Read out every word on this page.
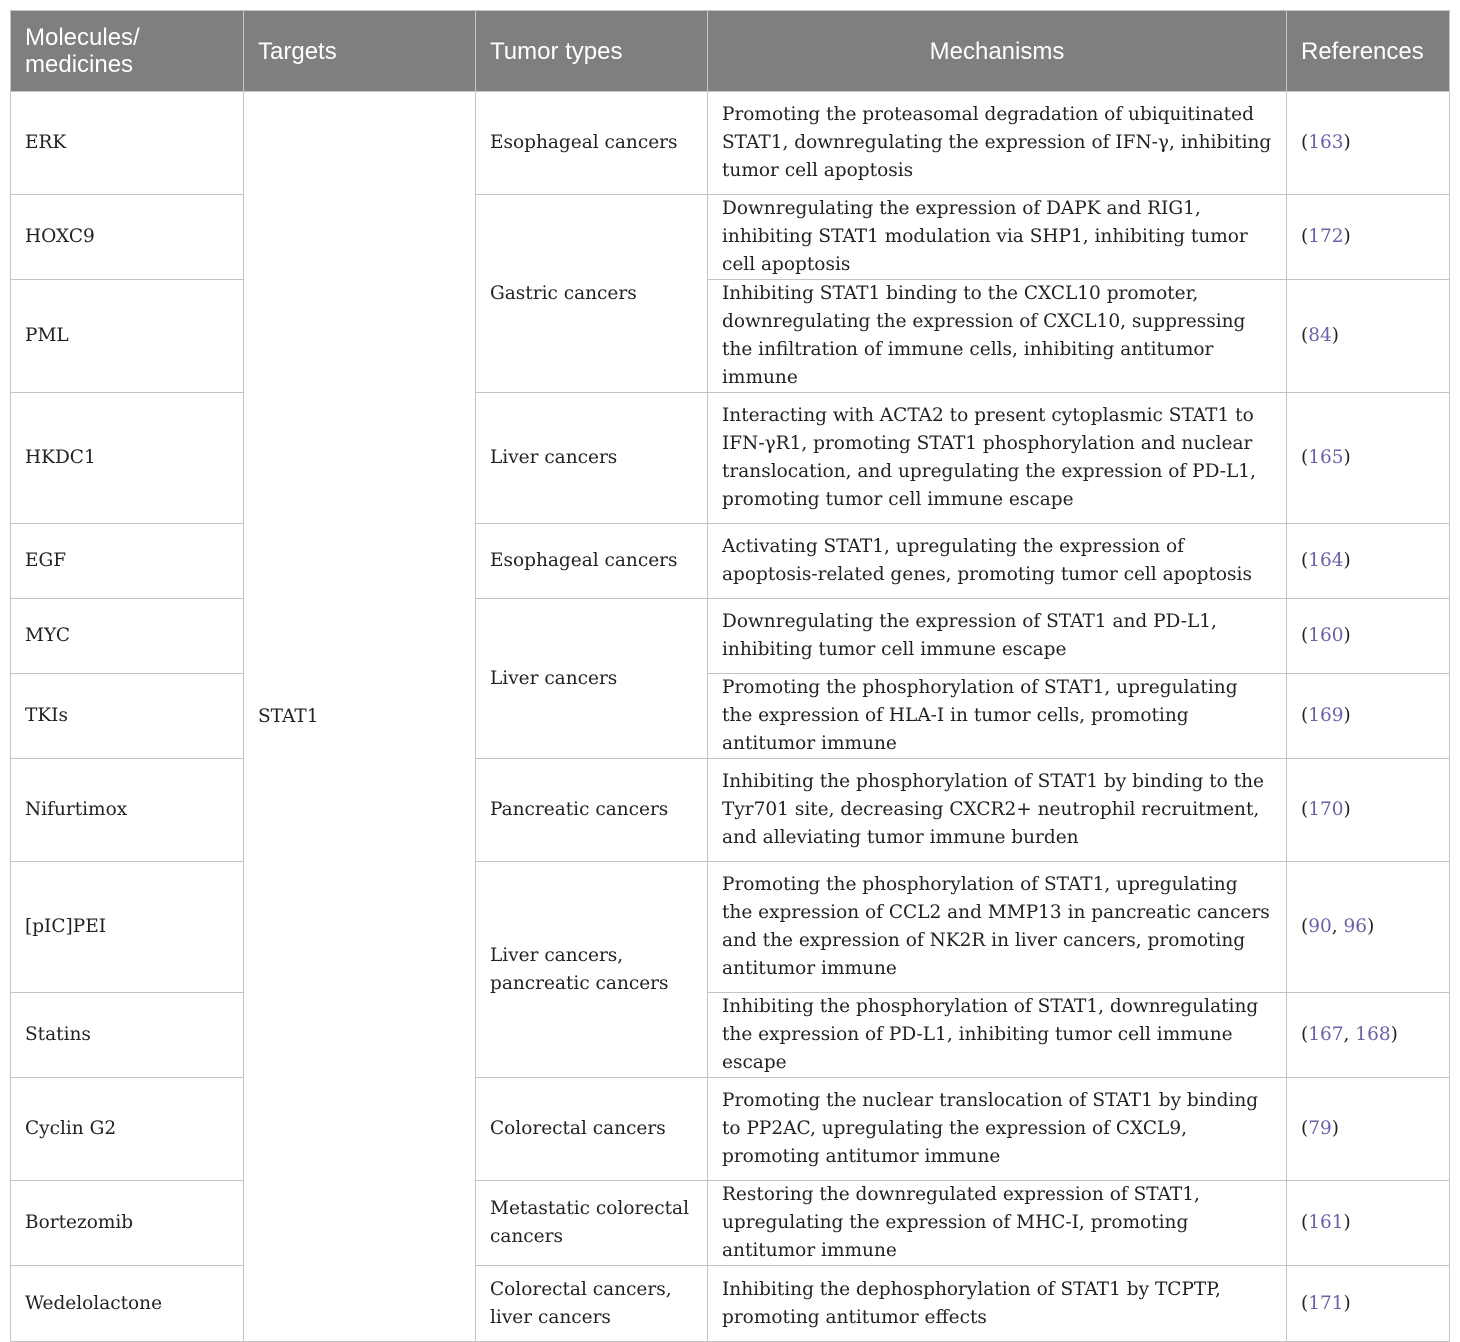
Molecules/
medicines	Targets	Tumor types	Mechanisms	References
ERK	STAT1	Esophageal cancers	Promoting the proteasomal degradation of ubiquitinated STAT1, downregulating the expression of IFN-γ, inhibiting tumor cell apoptosis	(163)
HOXC9		Gastric cancers	Downregulating the expression of DAPK and RIG1, inhibiting STAT1 modulation via SHP1, inhibiting tumor cell apoptosis	(172)
PML			Inhibiting STAT1 binding to the CXCL10 promoter, downregulating the expression of CXCL10, suppressing the infiltration of immune cells, inhibiting antitumor immune	(84)
HKDC1		Liver cancers	Interacting with ACTA2 to present cytoplasmic STAT1 to IFN-γR1, promoting STAT1 phosphorylation and nuclear translocation, and upregulating the expression of PD-L1, promoting tumor cell immune escape	(165)
EGF		Esophageal cancers	Activating STAT1, upregulating the expression of apoptosis-related genes, promoting tumor cell apoptosis	(164)
MYC		Liver cancers	Downregulating the expression of STAT1 and PD-L1, inhibiting tumor cell immune escape	(160)
TKIs			Promoting the phosphorylation of STAT1, upregulating the expression of HLA-I in tumor cells, promoting antitumor immune	(169)
Nifurtimox		Pancreatic cancers	Inhibiting the phosphorylation of STAT1 by binding to the Tyr701 site, decreasing CXCR2+ neutrophil recruitment, and alleviating tumor immune burden	(170)
[pIC]PEI		Liver cancers, pancreatic cancers	Promoting the phosphorylation of STAT1, upregulating the expression of CCL2 and MMP13 in pancreatic cancers and the expression of NK2R in liver cancers, promoting antitumor immune	(90, 96)
Statins			Inhibiting the phosphorylation of STAT1, downregulating the expression of PD-L1, inhibiting tumor cell immune escape	(167, 168)
Cyclin G2		Colorectal cancers	Promoting the nuclear translocation of STAT1 by binding to PP2AC, upregulating the expression of CXCL9, promoting antitumor immune	(79)
Bortezomib		Metastatic colorectal cancers	Restoring the downregulated expression of STAT1, upregulating the expression of MHC-I, promoting antitumor immune	(161)
Wedelolactone		Colorectal cancers, liver cancers	Inhibiting the dephosphorylation of STAT1 by TCPTP, promoting antitumor effects	(171)
